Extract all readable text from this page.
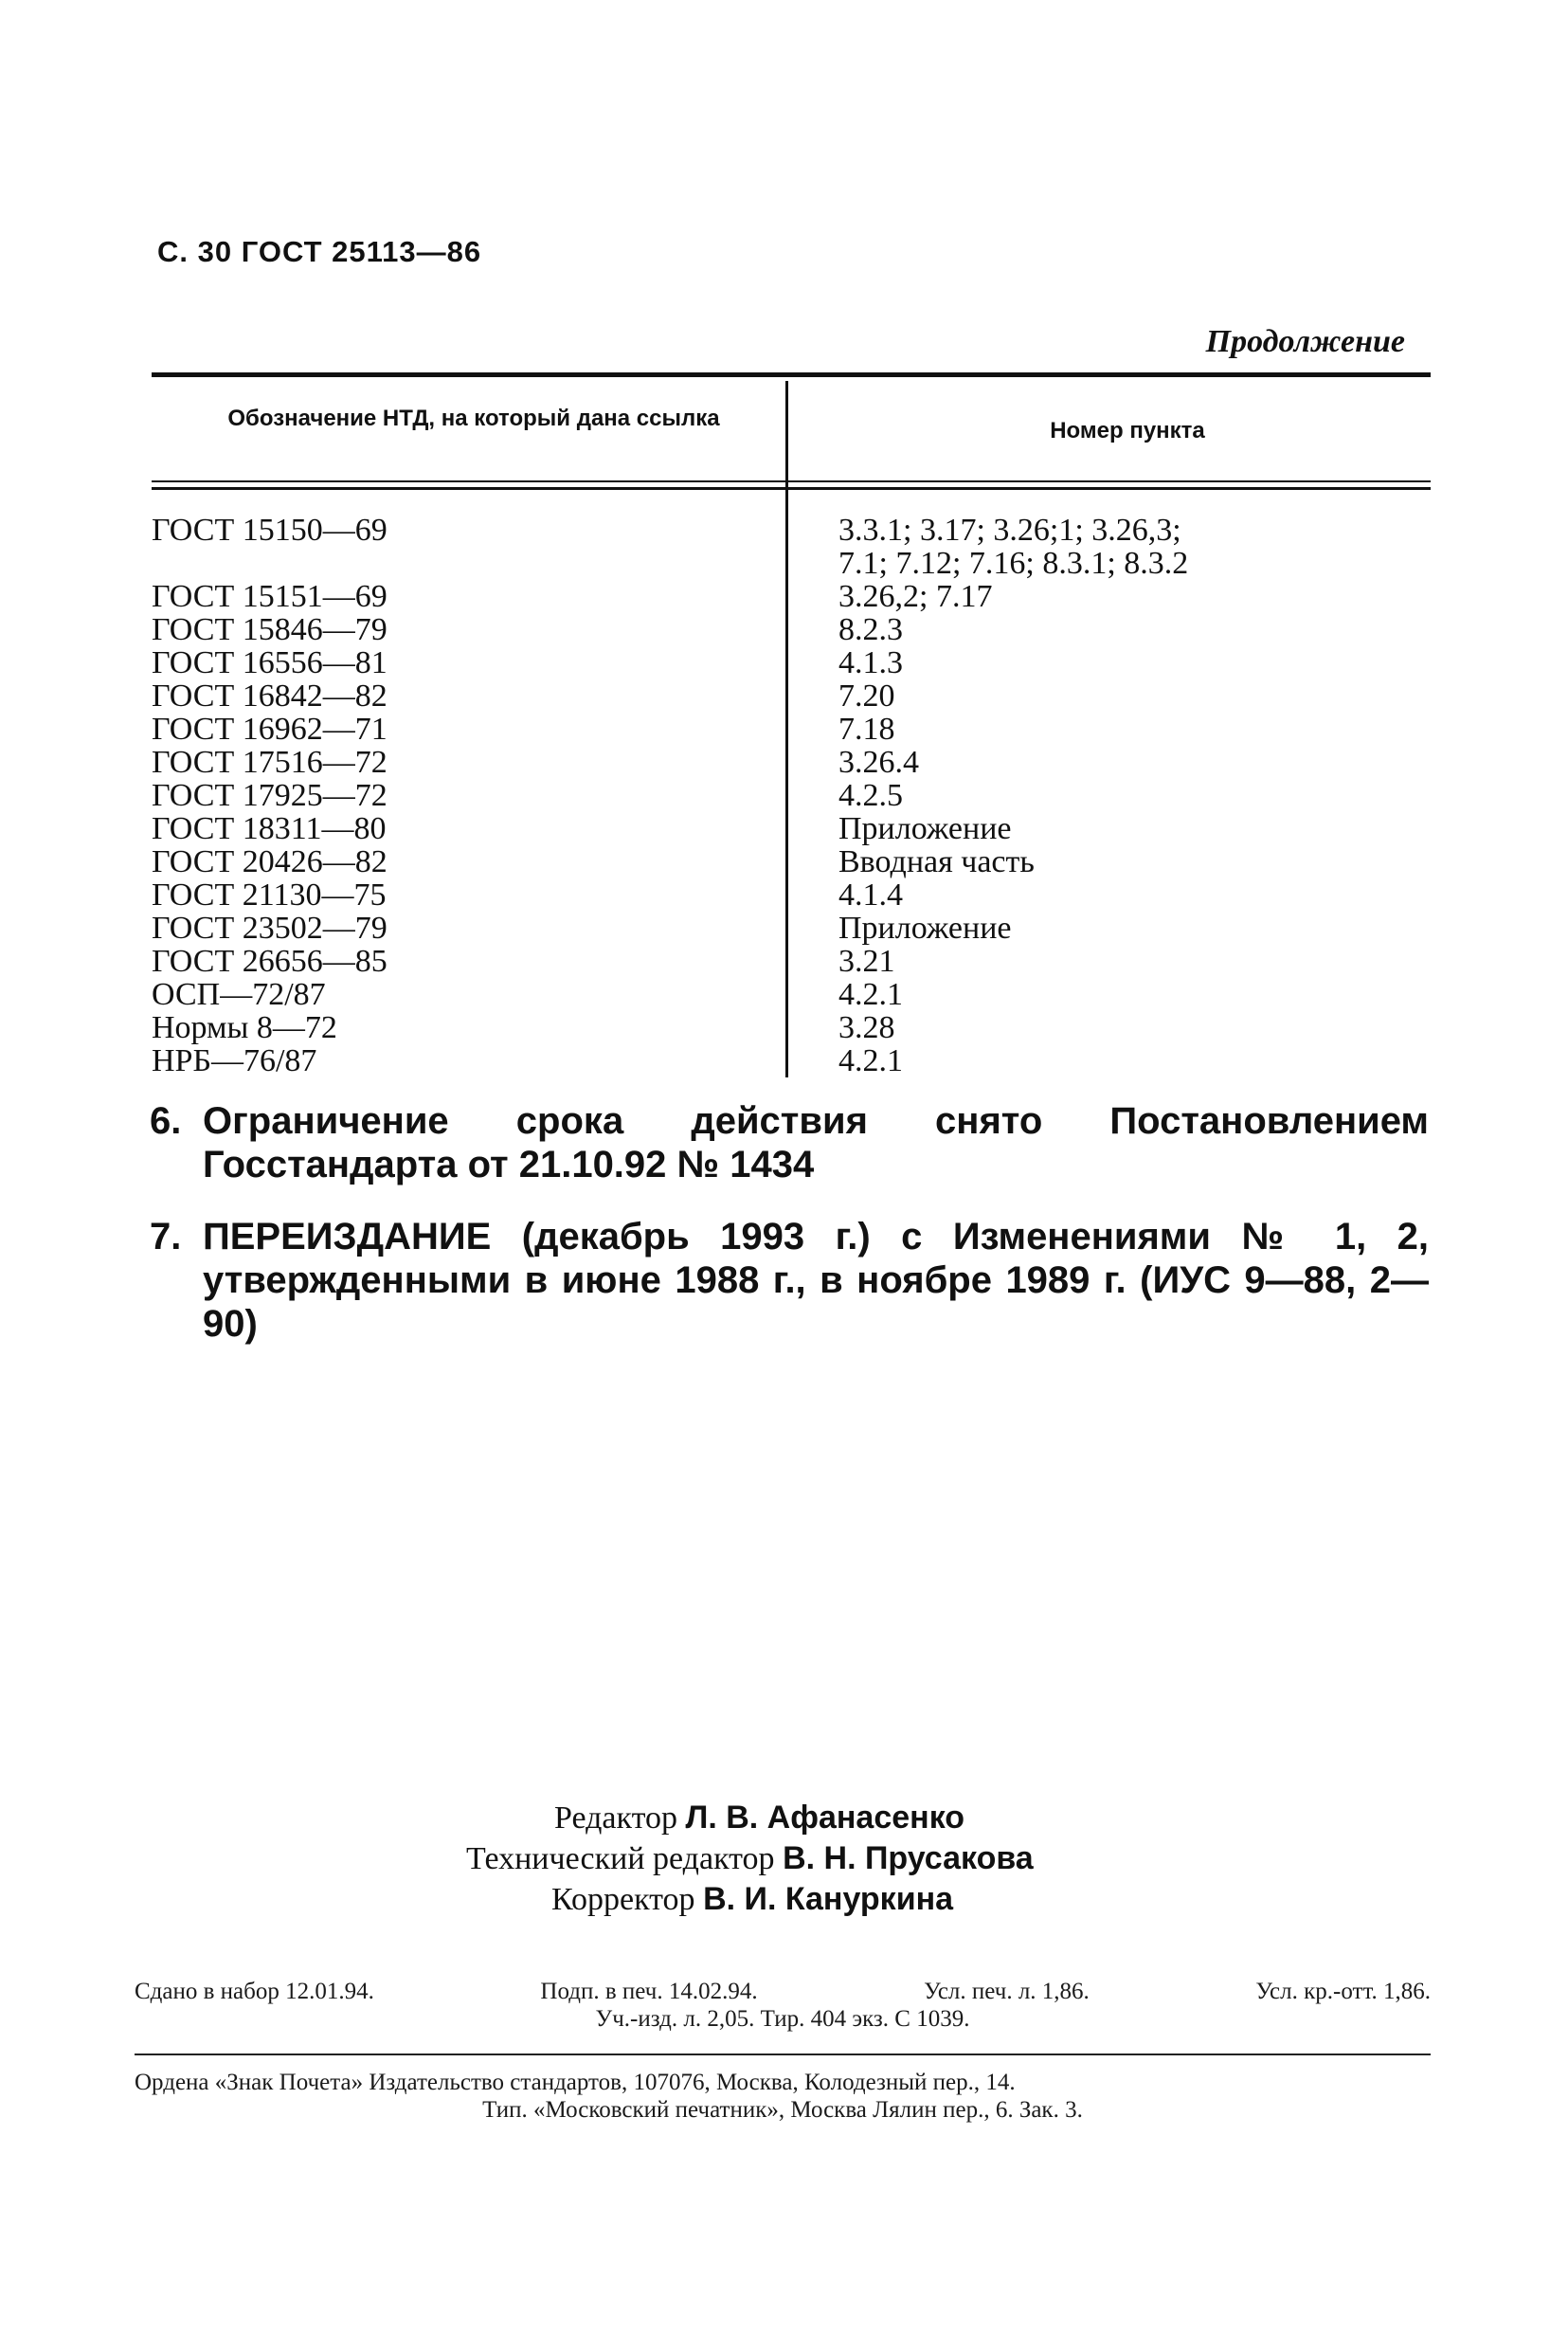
С. 30 ГОСТ 25113—86
Продолжение
Обозначение НТД, на который дана ссылка	Номер пункта
ГОСТ 15150—69	3.3.1; 3.17; 3.26;1; 3.26,3;
7.1; 7.12; 7.16; 8.3.1; 8.3.2
ГОСТ 15151—69	3.26,2; 7.17
ГОСТ 15846—79	8.2.3
ГОСТ 16556—81	4.1.3
ГОСТ 16842—82	7.20
ГОСТ 16962—71	7.18
ГОСТ 17516—72	3.26.4
ГОСТ 17925—72	4.2.5
ГОСТ 18311—80	Приложение
ГОСТ 20426—82	Вводная часть
ГОСТ 21130—75	4.1.4
ГОСТ 23502—79	Приложение
ГОСТ 26656—85	3.21
ОСП—72/87	4.2.1
Нормы 8—72	3.28
НРБ—76/87	4.2.1
6. Ограничение срока действия снято Постановлением Госстандарта от 21.10.92 № 1434
7. ПЕРЕИЗДАНИЕ (декабрь 1993 г.) с Изменениями № 1, 2, утвержденными в июне 1988 г., в ноябре 1989 г. (ИУС 9—88, 2—90)
Редактор Л. В. Афанасенко
Технический редактор В. Н. Прусакова
Корректор В. И. Кануркина
Сдано в набор 12.01.94.	Подп. в печ. 14.02.94.	Усл. печ. л. 1,86.	Усл. кр.-отт. 1,86.
Уч.-изд. л. 2,05. Тир. 404 экз. С 1039.
Ордена «Знак Почета» Издательство стандартов, 107076, Москва, Колодезный пер., 14.
Тип. «Московский печатник», Москва Лялин пер., 6. Зак. 3.
